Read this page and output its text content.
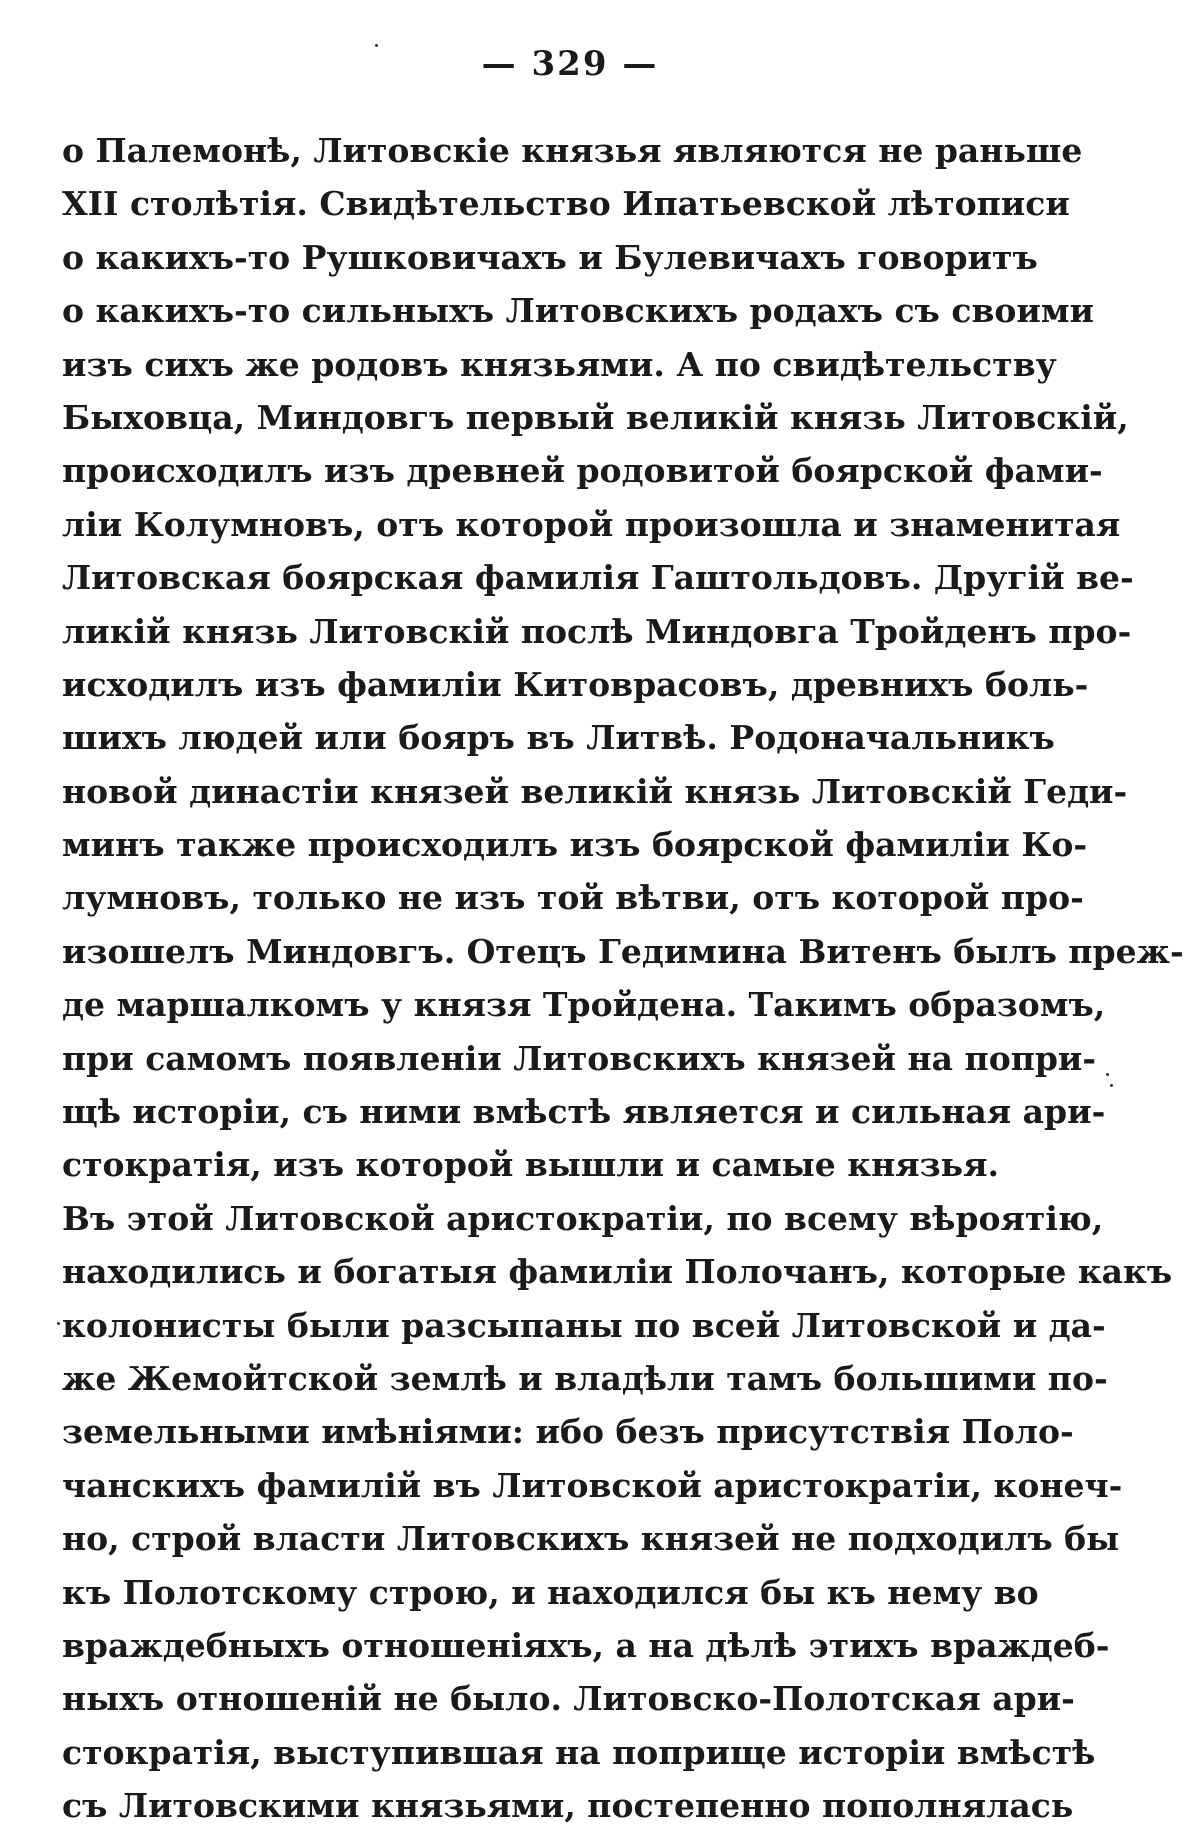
— 329 —
о Палемонѣ, Литовскіе князья являются не раньше
XII столѣтія. Свидѣтельство Ипатьевской лѣтописи
о какихъ-то Рушковичахъ и Булевичахъ говоритъ
о какихъ-то сильныхъ Литовскихъ родахъ съ своими
изъ сихъ же родовъ князьями. А по свидѣтельству
Быховца, Миндовгъ первый великій князь Литовскій,
происходилъ изъ древней родовитой боярской фами-
ліи Колумновъ, отъ которой произошла и знаменитая
Литовская боярская фамилія Гаштольдовъ. Другій ве-
ликій князь Литовскій послѣ Миндовга Тройденъ про-
исходилъ изъ фамиліи Китоврасовъ, древнихъ боль-
шихъ людей или бояръ въ Литвѣ. Родоначальникъ
новой династіи князей великій князь Литовскій Геди-
минъ также происходилъ изъ боярской фамиліи Ко-
лумновъ, только не изъ той вѣтви, отъ которой про-
изошелъ Миндовгъ. Отецъ Гедимина Витенъ былъ преж-
де маршалкомъ у князя Тройдена. Такимъ образомъ,
при самомъ появленіи Литовскихъ князей на попри-
щѣ исторіи, съ ними вмѣстѣ является и сильная ари-
стократія, изъ которой вышли и самые князья.
Въ этой Литовской аристократіи, по всему вѣроятію,
находились и богатыя фамиліи Полочанъ, которые какъ
колонисты были разсыпаны по всей Литовской и да-
же Жемойтской землѣ и владѣли тамъ большими по-
земельными имѣніями: ибо безъ присутствія Поло-
чанскихъ фамилій въ Литовской аристократіи, конеч-
но, строй власти Литовскихъ князей не подходилъ бы
къ Полотскому строю, и находился бы къ нему во
враждебныхъ отношеніяхъ, а на дѣлѣ этихъ враждеб-
ныхъ отношеній не было. Литовско-Полотская ари-
стократія, выступившая на поприще исторіи вмѣстѣ
съ Литовскими князьями, постепенно пополнялась
